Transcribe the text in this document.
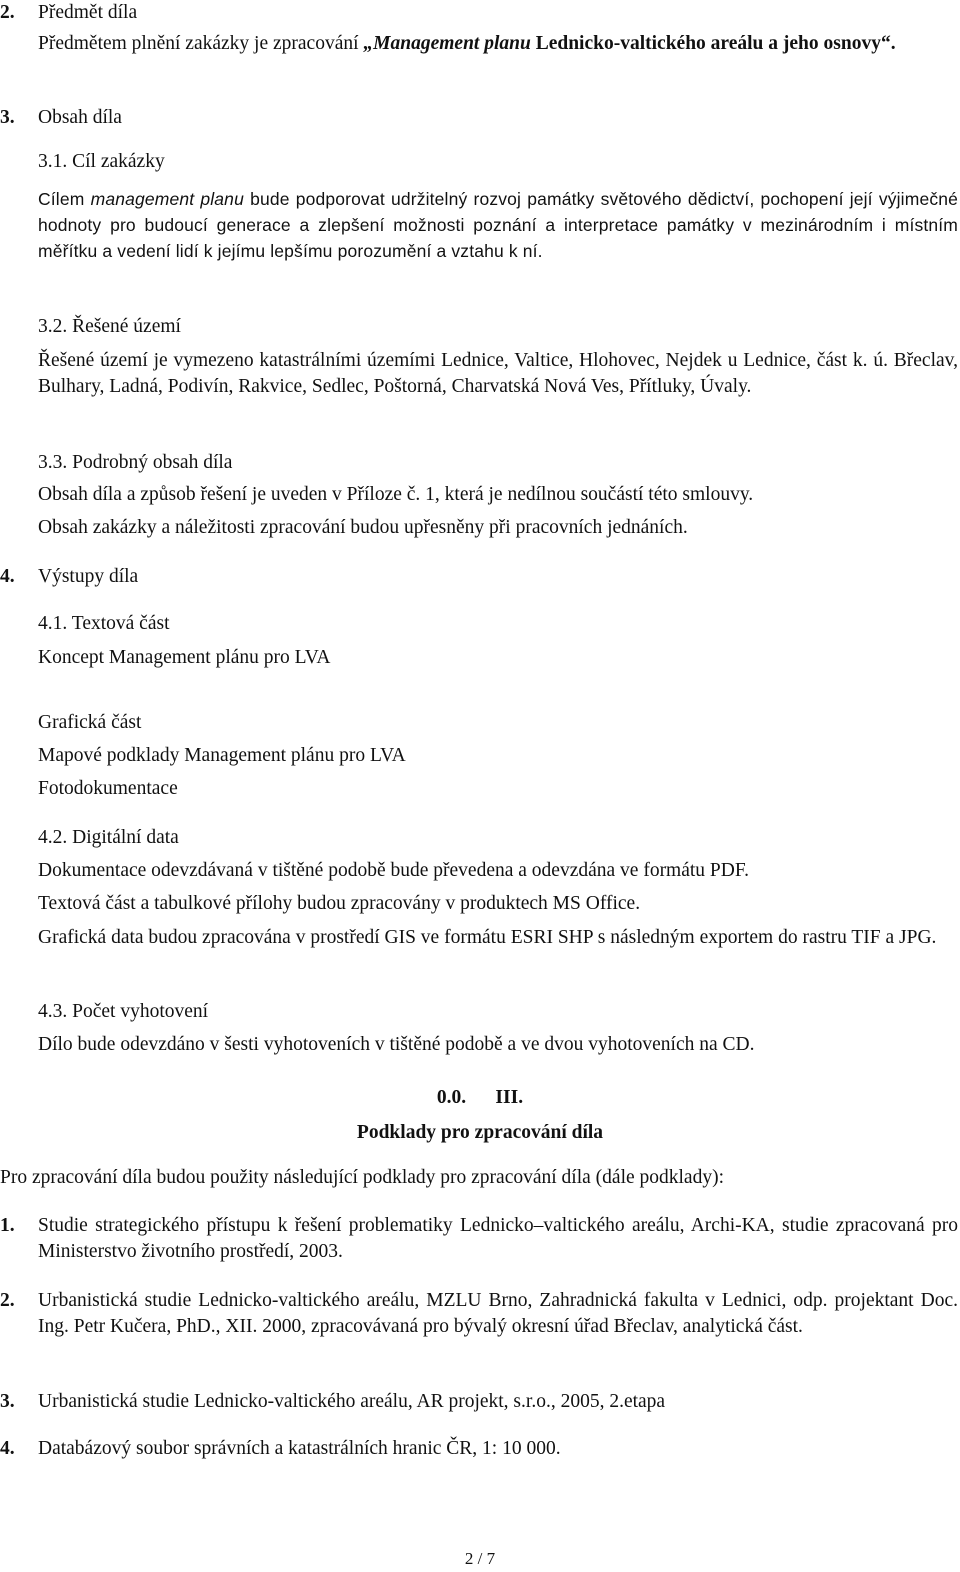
2. Předmět díla

Předmětem plnění zakázky je zpracování „Management planu Lednicko-valtického areálu a jeho osnovy“.

3. Obsah díla
3.1. Cíl zakázky

Cílem management planu bude podporovat udržitelný rozvoj památky světového dědictví, pochopení její výjimečné hodnoty pro budoucí generace a zlepšení možnosti poznání a interpretace památky v mezinárodním i místním měřítku a vedení lidí k jejímu lepšímu porozumění a vztahu k ní.

3.2. Řešené území

Řešené území je vymezeno katastrálními územími Lednice, Valtice, Hlohovec, Nejdek u Lednice, část k. ú. Břeclav, Bulhary, Ladná, Podivín, Rakvice, Sedlec, Poštorná, Charvatská Nová Ves, Přítluky, Úvaly.

3.3. Podrobný obsah díla
Obsah díla a způsob řešení je uveden v Příloze č. 1, která je nedílnou součástí této smlouvy.
Obsah zakázky a náležitosti zpracování budou upřesněny při pracovních jednáních.
4. Výstupy díla
4.1. Textová část
Koncept Management plánu pro LVA
Grafická část
Mapové podklady Management plánu pro LVA
Fotodokumentace
4.2. Digitální data
Dokumentace odevzdávaná v tištěné podobě bude převedena a odevzdána ve formátu PDF.
Textová část a tabulkové přílohy budou zpracovány v produktech MS Office.

Grafická data budou zpracována v prostředí GIS ve formátu ESRI SHP s následným exportem do rastru TIF a JPG.

4.3. Počet vyhotovení
Dílo bude odevzdáno v šesti vyhotoveních v tištěné podobě a ve dvou vyhotoveních na CD.
0.0.      III.
Podklady pro zpracování díla
Pro zpracování díla budou použity následující podklady pro zpracování díla (dále podklady):
1. Studie strategického přístupu k řešení problematiky Lednicko–valtického areálu, Archi-KA, studie zpracovaná pro Ministerstvo životního prostředí, 2003.

2. Urbanistická studie Lednicko-valtického areálu, MZLU Brno, Zahradnická fakulta v Lednici, odp. projektant Doc. Ing. Petr Kučera, PhD., XII. 2000, zpracovávaná pro bývalý okresní úřad Břeclav, analytická část.

3. Urbanistická studie Lednicko-valtického areálu, AR projekt, s.r.o., 2005, 2.etapa

4. Databázový soubor správních a katastrálních hranic ČR, 1: 10 000.

2 / 7
